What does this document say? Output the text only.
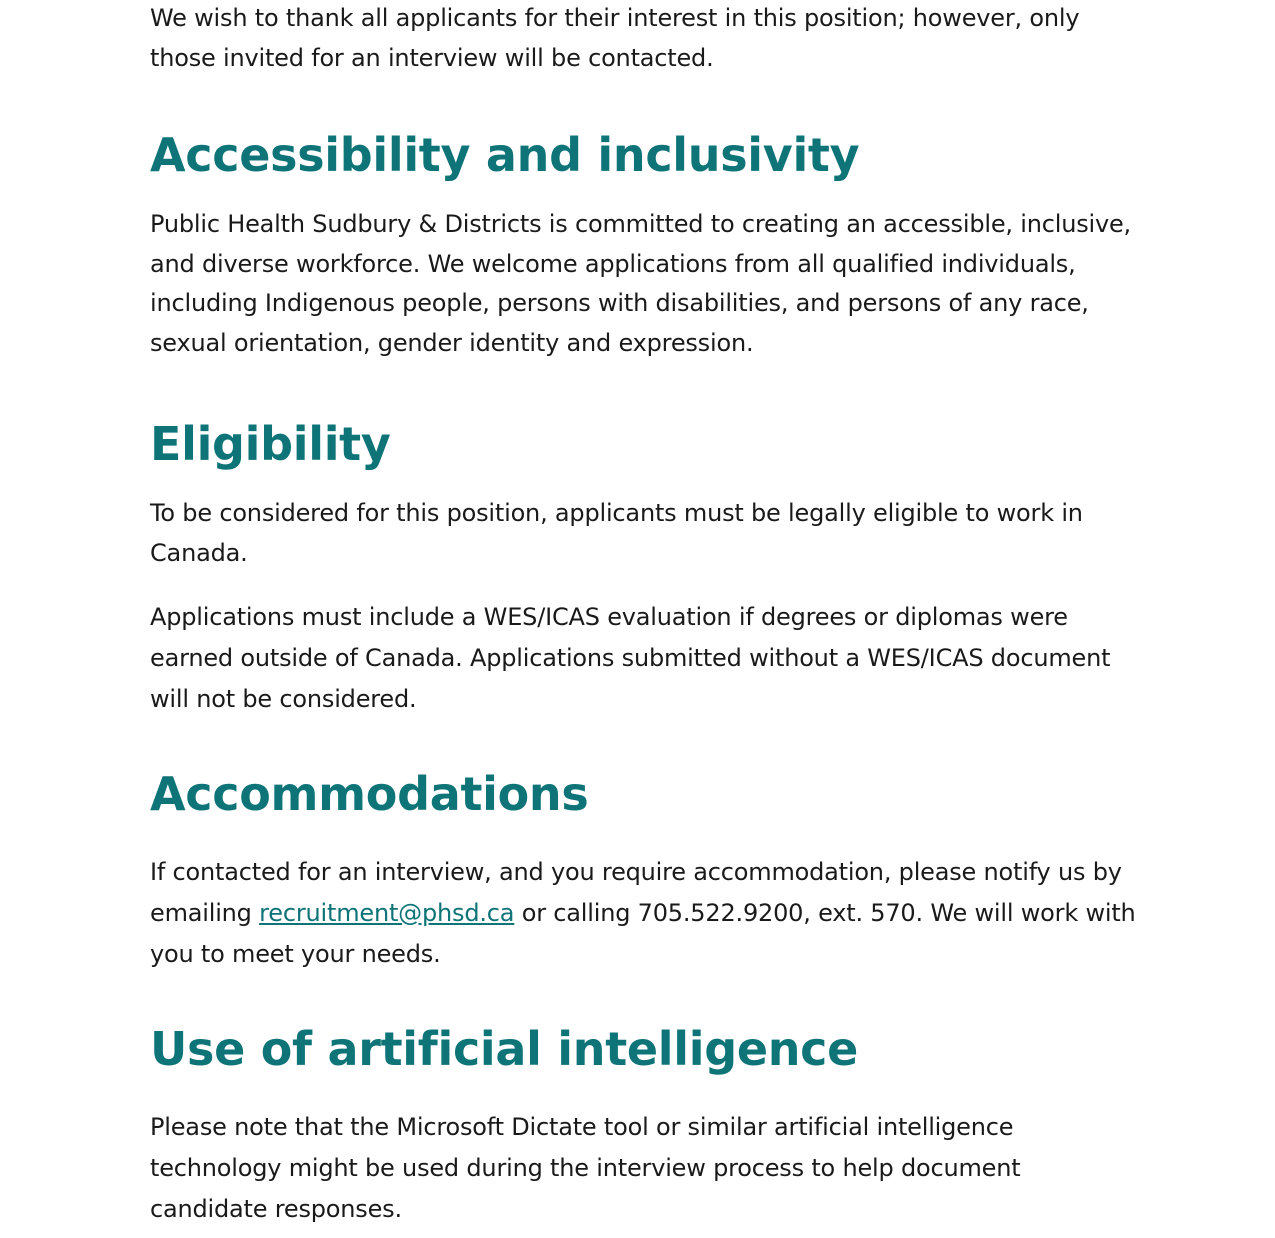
We wish to thank all applicants for their interest in this position; however, only those invited for an interview will be contacted.

Accessibility and inclusivity

Public Health Sudbury & Districts is committed to creating an accessible, inclusive, and diverse workforce. We welcome applications from all qualified individuals, including Indigenous people, persons with disabilities, and persons of any race, sexual orientation, gender identity and expression.

Eligibility

To be considered for this position, applicants must be legally eligible to work in Canada.

Applications must include a WES/ICAS evaluation if degrees or diplomas were earned outside of Canada. Applications submitted without a WES/ICAS document will not be considered.

Accommodations

If contacted for an interview, and you require accommodation, please notify us by emailing recruitment@phsd.ca or calling 705.522.9200, ext. 570. We will work with you to meet your needs.

Use of artificial intelligence

Please note that the Microsoft Dictate tool or similar artificial intelligence technology might be used during the interview process to help document candidate responses.
